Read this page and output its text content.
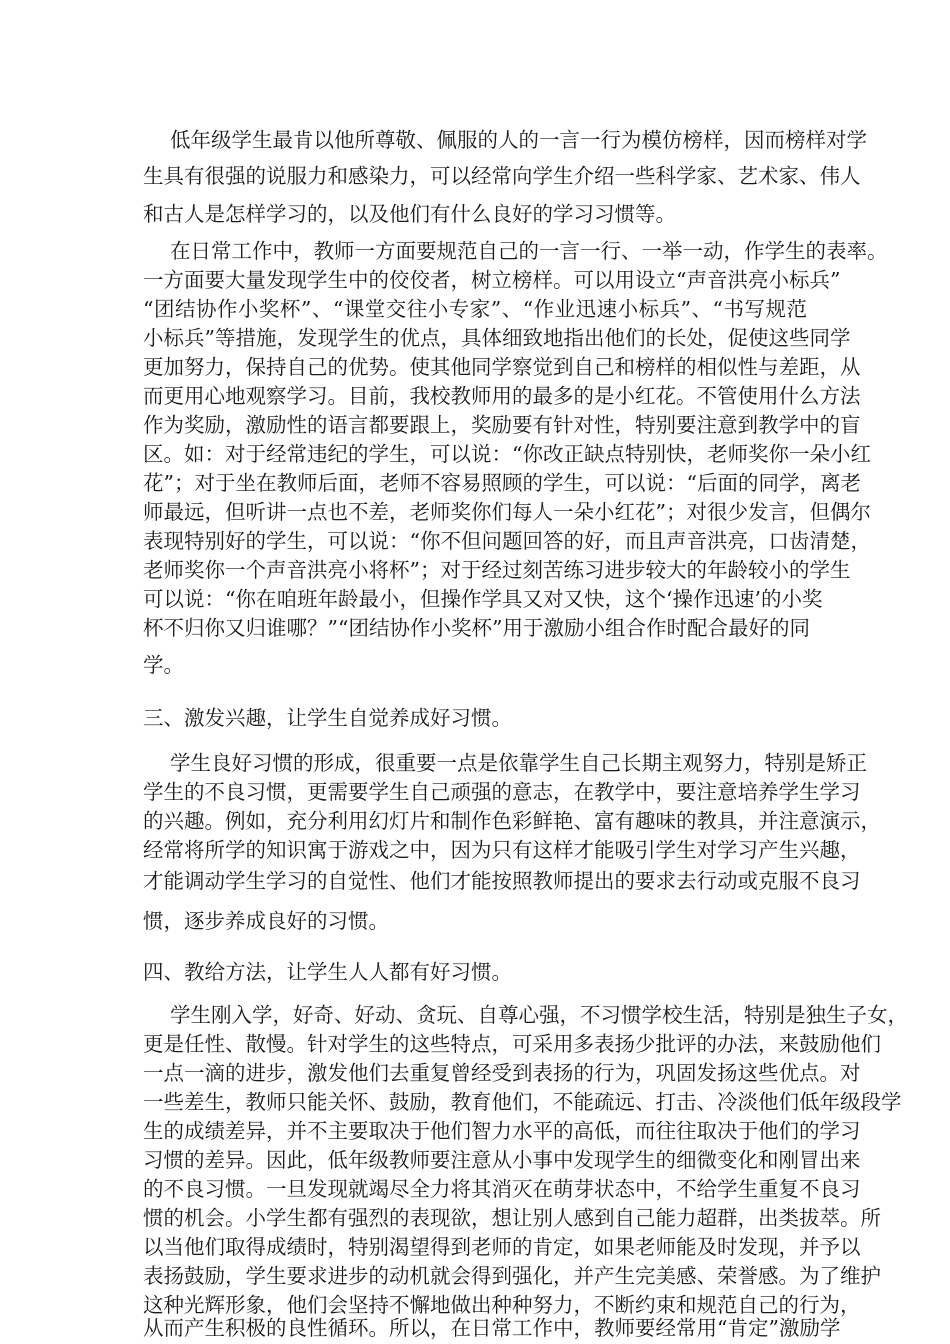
低年级学生最肯以他所尊敬、佩服的人的一言一行为模仿榜样，因而榜样对学
生具有很强的说服力和感染力，可以经常向学生介绍一些科学家、艺术家、伟人
和古人是怎样学习的，以及他们有什么良好的学习习惯等。
在日常工作中，教师一方面要规范自己的一言一行、一举一动，作学生的表率。
一方面要大量发现学生中的佼佼者，树立榜样。可以用设立“声音洪亮小标兵”
“团结协作小奖杯”、“课堂交往小专家”、“作业迅速小标兵”、“书写规范
小标兵”等措施，发现学生的优点，具体细致地指出他们的长处，促使这些同学
更加努力，保持自己的优势。使其他同学察觉到自己和榜样的相似性与差距，从
而更用心地观察学习。目前，我校教师用的最多的是小红花。不管使用什么方法
作为奖励，激励性的语言都要跟上，奖励要有针对性，特别要注意到教学中的盲
区。如：对于经常违纪的学生，可以说：“你改正缺点特别快，老师奖你一朵小红
花”；对于坐在教师后面，老师不容易照顾的学生，可以说：“后面的同学，离老
师最远，但听讲一点也不差，老师奖你们每人一朵小红花”；对很少发言，但偶尔
表现特别好的学生，可以说：“你不但问题回答的好，而且声音洪亮，口齿清楚，
老师奖你一个声音洪亮小将杯”；对于经过刻苦练习进步较大的年龄较小的学生
可以说：“你在咱班年龄最小，但操作学具又对又快，这个‘操作迅速’的小奖
杯不归你又归谁哪？”“团结协作小奖杯”用于激励小组合作时配合最好的同
学。
三、激发兴趣，让学生自觉养成好习惯。
学生良好习惯的形成，很重要一点是依靠学生自己长期主观努力，特别是矫正
学生的不良习惯，更需要学生自己顽强的意志，在教学中，要注意培养学生学习
的兴趣。例如，充分利用幻灯片和制作色彩鲜艳、富有趣味的教具，并注意演示，
经常将所学的知识寓于游戏之中，因为只有这样才能吸引学生对学习产生兴趣，
才能调动学生学习的自觉性、他们才能按照教师提出的要求去行动或克服不良习
惯，逐步养成良好的习惯。
四、教给方法，让学生人人都有好习惯。
学生刚入学，好奇、好动、贪玩、自尊心强，不习惯学校生活，特别是独生子女，
更是任性、散慢。针对学生的这些特点，可采用多表扬少批评的办法，来鼓励他们
一点一滴的进步，激发他们去重复曾经受到表扬的行为，巩固发扬这些优点。对
一些差生，教师只能关怀、鼓励，教育他们，不能疏远、打击、冷淡他们低年级段学
生的成绩差异，并不主要取决于他们智力水平的高低，而往往取决于他们的学习
习惯的差异。因此，低年级教师要注意从小事中发现学生的细微变化和刚冒出来
的不良习惯。一旦发现就竭尽全力将其消灭在萌芽状态中，不给学生重复不良习
惯的机会。小学生都有强烈的表现欲，想让别人感到自己能力超群，出类拔萃。所
以当他们取得成绩时，特别渴望得到老师的肯定，如果老师能及时发现，并予以
表扬鼓励，学生要求进步的动机就会得到强化，并产生完美感、荣誉感。为了维护
这种光辉形象，他们会坚持不懈地做出种种努力，不断约束和规范自己的行为，
从而产生积极的良性循环。所以，在日常工作中，教师要经常用“肯定”激励学
